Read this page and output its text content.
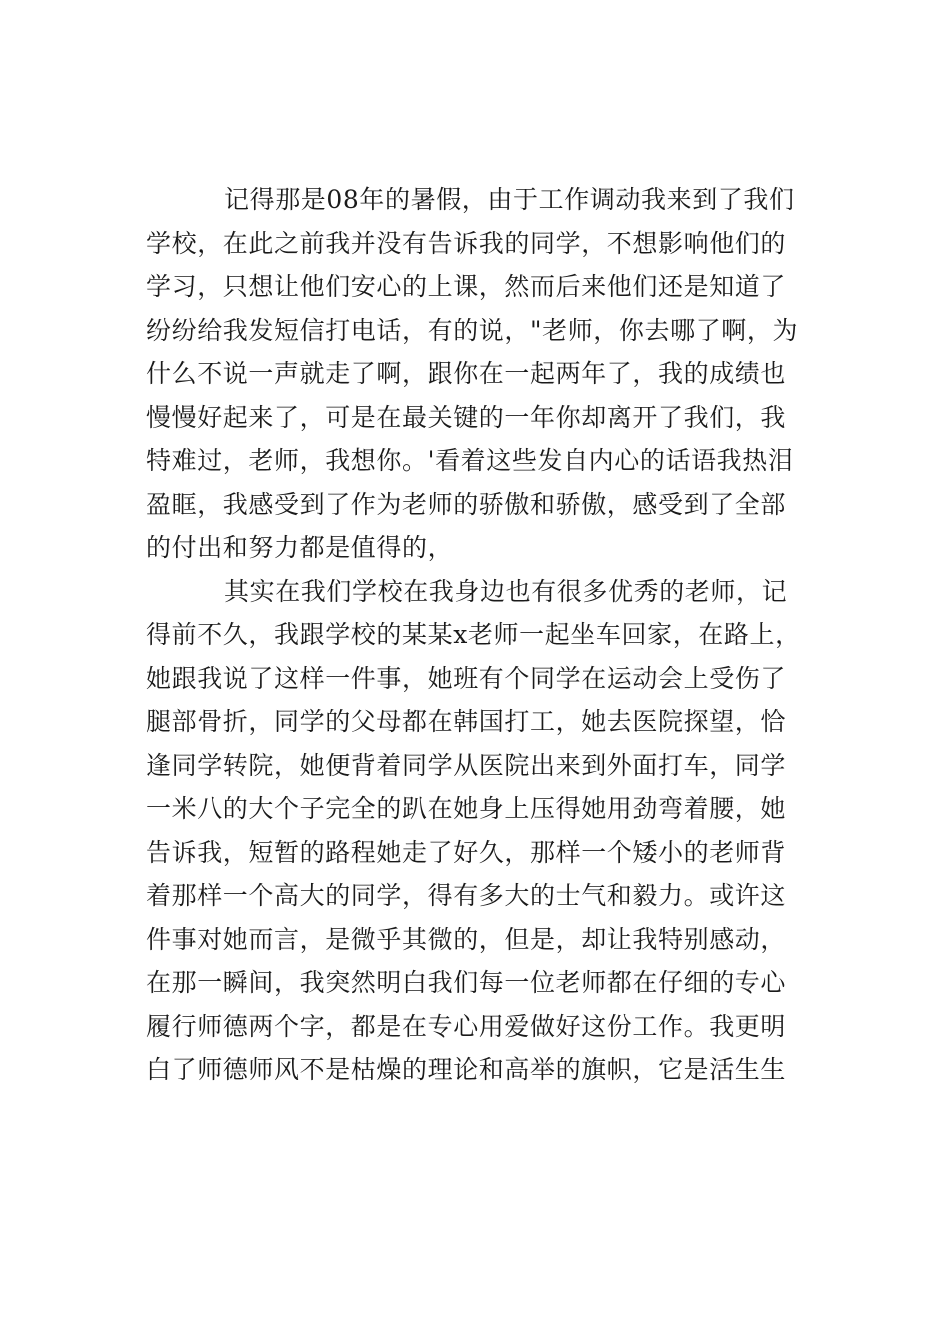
记得那是08年的暑假，由于工作调动我来到了我们
学校，在此之前我并没有告诉我的同学，不想影响他们的
学习，只想让他们安心的上课，然而后来他们还是知道了
纷纷给我发短信打电话，有的说，"老师，你去哪了啊，为
什么不说一声就走了啊，跟你在一起两年了，我的成绩也
慢慢好起来了，可是在最关键的一年你却离开了我们，我
特难过，老师，我想你。'看着这些发自内心的话语我热泪
盈眶，我感受到了作为老师的骄傲和骄傲，感受到了全部
的付出和努力都是值得的，
其实在我们学校在我身边也有很多优秀的老师，记
得前不久，我跟学校的某某x老师一起坐车回家，在路上，
她跟我说了这样一件事，她班有个同学在运动会上受伤了
腿部骨折，同学的父母都在韩国打工，她去医院探望，恰
逢同学转院，她便背着同学从医院出来到外面打车，同学
一米八的大个子完全的趴在她身上压得她用劲弯着腰，她
告诉我，短暂的路程她走了好久，那样一个矮小的老师背
着那样一个高大的同学，得有多大的士气和毅力。或许这
件事对她而言，是微乎其微的，但是，却让我特别感动，
在那一瞬间，我突然明白我们每一位老师都在仔细的专心
履行师德两个字，都是在专心用爱做好这份工作。我更明
白了师德师风不是枯燥的理论和高举的旗帜，它是活生生
